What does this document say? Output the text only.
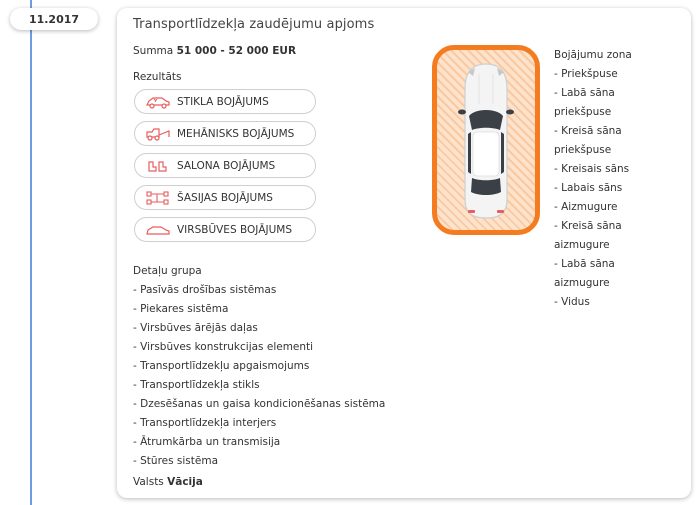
11.2017	Transportlīdzekļa zaudējumu apjoms
Summa 51 000 - 52 000 EUR
Rezultāts
STIKLA BOJĀJUMS
MEHĀNISKS BOJĀJUMS
SALONA BOJĀJUMS
ŠASIJAS BOJĀJUMS
VIRSBŪVES BOJĀJUMS
Detaļu grupa
- Pasīvās drošības sistēmas
- Piekares sistēma
- Virsbūves ārējās daļas
- Virsbūves konstrukcijas elementi
- Transportlīdzekļu apgaismojums
- Transportlīdzekļa stikls
- Dzesēšanas un gaisa kondicionēšanas sistēma
- Transportlīdzekļa interjers
- Ātrumkārba un transmisija
- Stūres sistēma
Valsts Vācija
Bojājumu zona
- Priekšpuse
- Labā sāna
priekšpuse
- Kreisā sāna
priekšpuse
- Kreisais sāns
- Labais sāns
- Aizmugure
- Kreisā sāna
aizmugure
- Labā sāna
aizmugure
- Vidus
